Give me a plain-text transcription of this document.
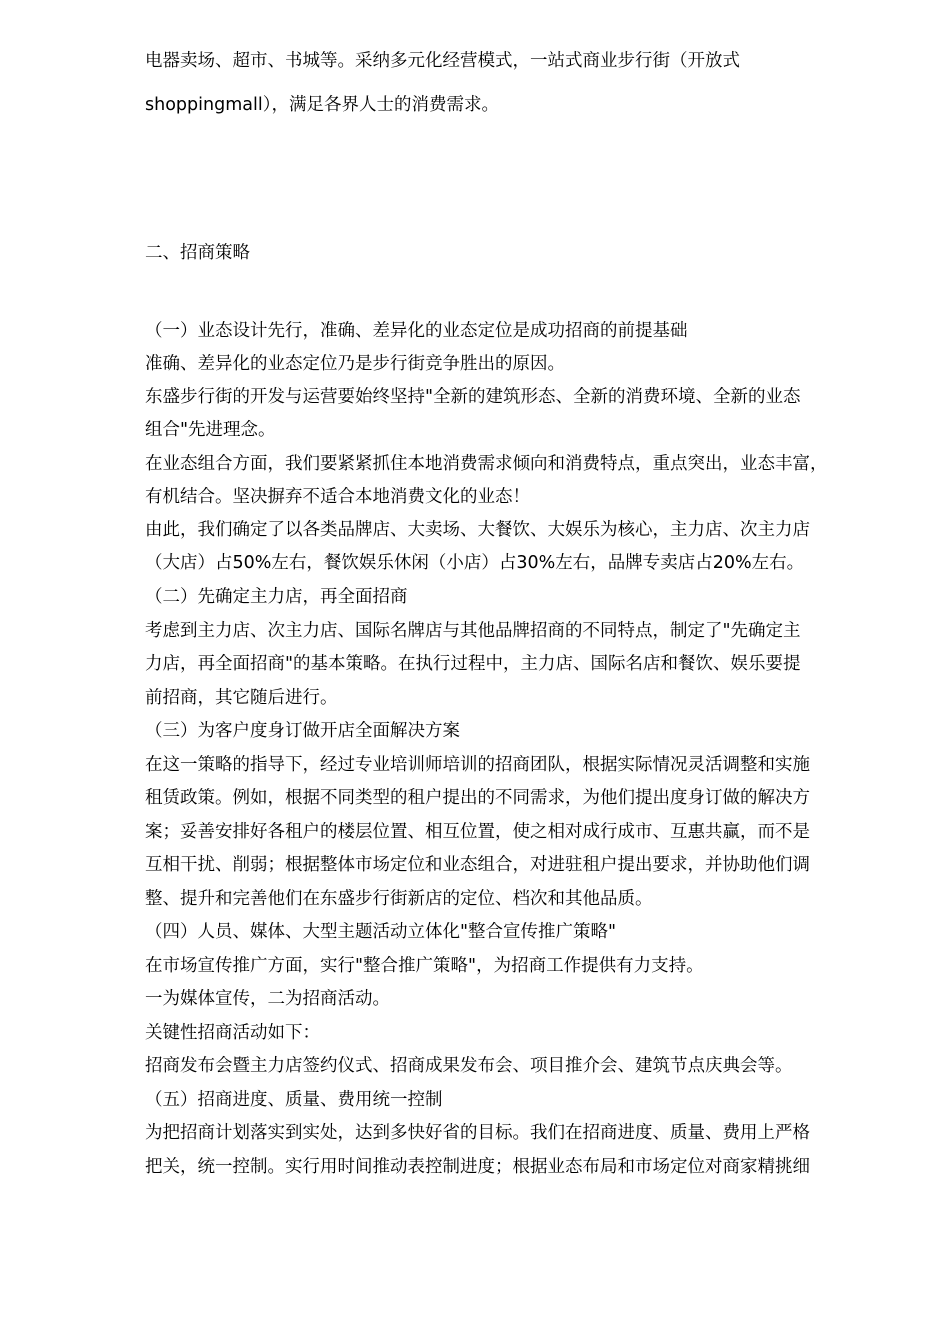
电器卖场、超市、书城等。采纳多元化经营模式，一站式商业步行街（开放式
shoppingmall），满足各界人士的消费需求。
二、招商策略
（一）业态设计先行，准确、差异化的业态定位是成功招商的前提基础
准确、差异化的业态定位乃是步行街竞争胜出的原因。
东盛步行街的开发与运营要始终坚持"全新的建筑形态、全新的消费环境、全新的业态
组合"先进理念。
在业态组合方面，我们要紧紧抓住本地消费需求倾向和消费特点，重点突出，业态丰富，
有机结合。坚决摒弃不适合本地消费文化的业态！
由此，我们确定了以各类品牌店、大卖场、大餐饮、大娱乐为核心，主力店、次主力店
（大店）占50%左右，餐饮娱乐休闲（小店）占30%左右，品牌专卖店占20%左右。
（二）先确定主力店，再全面招商
考虑到主力店、次主力店、国际名牌店与其他品牌招商的不同特点，制定了"先确定主
力店，再全面招商"的基本策略。在执行过程中，主力店、国际名店和餐饮、娱乐要提
前招商，其它随后进行。
（三）为客户度身订做开店全面解决方案
在这一策略的指导下，经过专业培训师培训的招商团队，根据实际情况灵活调整和实施
租赁政策。例如，根据不同类型的租户提出的不同需求，为他们提出度身订做的解决方
案；妥善安排好各租户的楼层位置、相互位置，使之相对成行成市、互惠共赢，而不是
互相干扰、削弱；根据整体市场定位和业态组合，对进驻租户提出要求，并协助他们调
整、提升和完善他们在东盛步行街新店的定位、档次和其他品质。
（四）人员、媒体、大型主题活动立体化"整合宣传推广策略"
在市场宣传推广方面，实行"整合推广策略"，为招商工作提供有力支持。
一为媒体宣传，二为招商活动。
关键性招商活动如下：
招商发布会暨主力店签约仪式、招商成果发布会、项目推介会、建筑节点庆典会等。
（五）招商进度、质量、费用统一控制
为把招商计划落实到实处，达到多快好省的目标。我们在招商进度、质量、费用上严格
把关，统一控制。实行用时间推动表控制进度；根据业态布局和市场定位对商家精挑细
